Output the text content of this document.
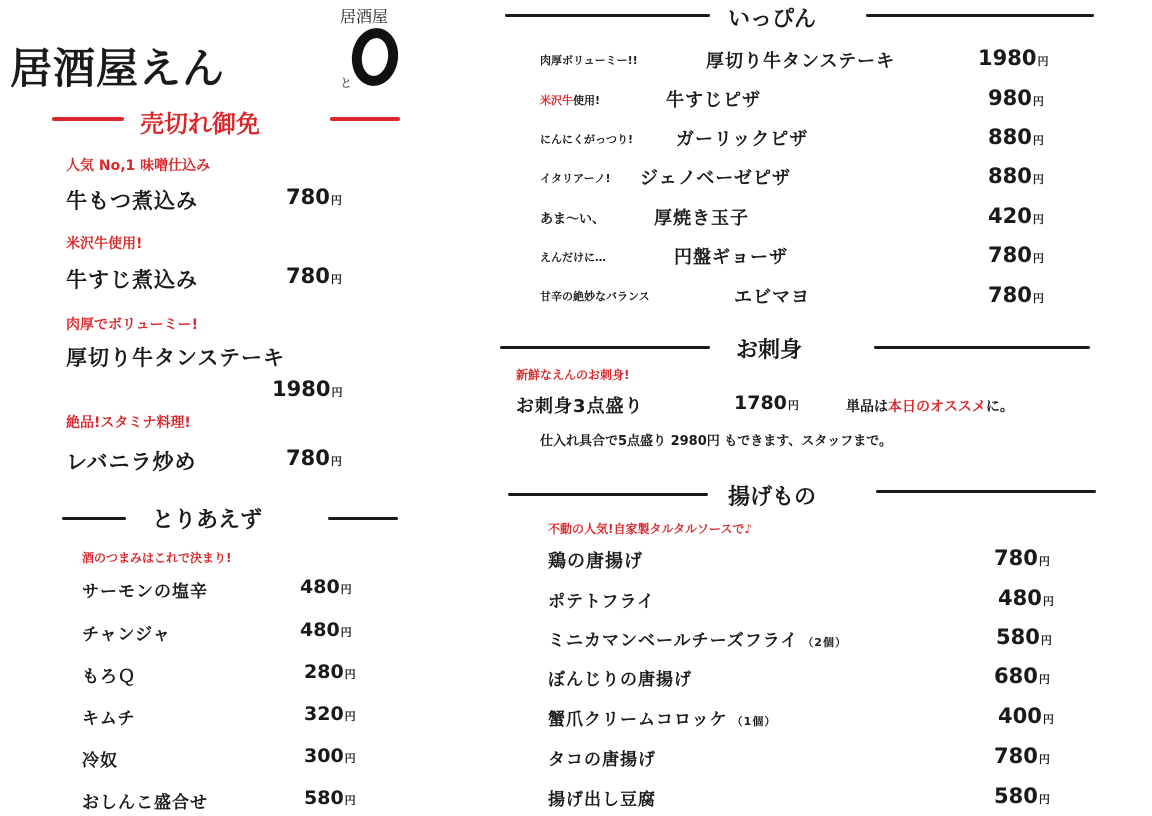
居酒屋えん
居酒屋
と
売切れ御免
人気 No,1 味噌仕込み
牛もつ煮込み	780円
米沢牛使用!
牛すじ煮込み	780円
肉厚でボリューミー!
厚切り牛タンステーキ
1980円
絶品!スタミナ料理!
レバニラ炒め	780円
とりあえず
酒のつまみはこれで決まり!
サーモンの塩辛	480円
チャンジャ	480円
もろＱ	280円
キムチ	320円
冷奴	300円
おしんこ盛合せ	580円
いっぴん
肉厚ボリューミー!!	厚切り牛タンステーキ	1980円
米沢牛使用!	牛すじピザ	980円
にんにくがっつり! ガーリックピザ	880円
イタリアーノ! ジェノベーゼピザ	880円
あま～い、	厚焼き玉子	420円
えんだけに…	円盤ギョーザ	780円
甘辛の絶妙なバランス	エビマヨ	780円
お刺身
新鮮なえんのお刺身!
お刺身3点盛り	1780円	単品は本日のオススメに。
仕入れ具合で5点盛り 2980円 もできます、スタッフまで。
揚げもの
不動の人気!自家製タルタルソースで♪
鶏の唐揚げ	780円
ポテトフライ	480円
ミニカマンベールチーズフライ （2個）	580円
ぼんじりの唐揚げ	680円
蟹爪クリームコロッケ （1個）	400円
タコの唐揚げ	780円
揚げ出し豆腐	580円
